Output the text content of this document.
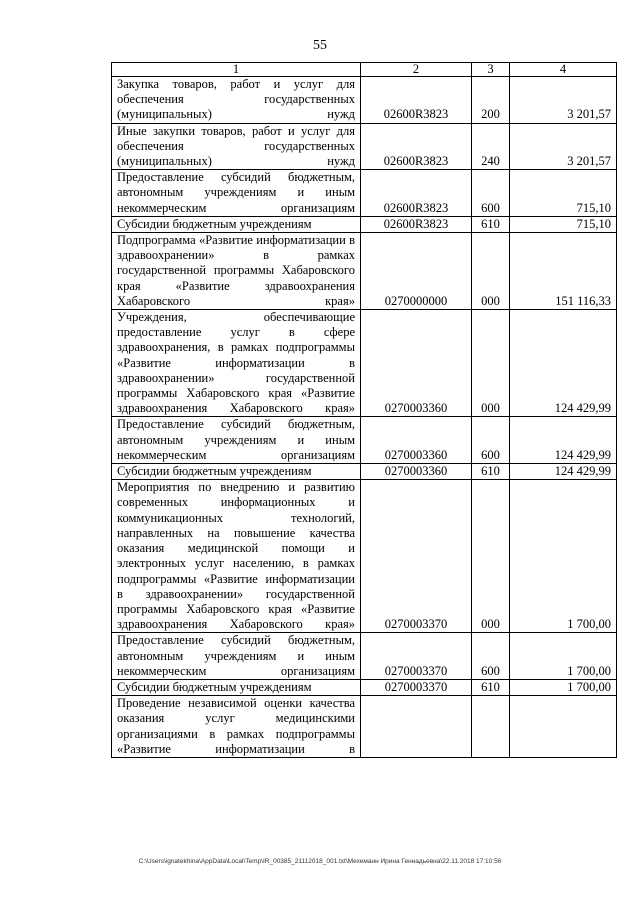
55
1	2	3	4
Закупка товаров, работ и услуг для обеспечения государственных (муниципальных) нужд	02600R3823	200	3 201,57
Иные закупки товаров, работ и услуг для обеспечения государственных (муниципальных) нужд	02600R3823	240	3 201,57
Предоставление субсидий бюджетным, автономным учреждениям и иным некоммерческим организациям	02600R3823	600	715,10
Субсидии бюджетным учреждениям	02600R3823	610	715,10
Подпрограмма «Развитие информатизации в здравоохранении» в рамках государственной программы Хабаровского края «Развитие здравоохранения Хабаровского края»	0270000000	000	151 116,33
Учреждения, обеспечивающие предоставление услуг в сфере здравоохранения, в рамках подпрограммы «Развитие информатизации в здравоохранении» государственной программы Хабаровского края «Развитие здравоохранения Хабаровского края»	0270003360	000	124 429,99
Предоставление субсидий бюджетным, автономным учреждениям и иным некоммерческим организациям	0270003360	600	124 429,99
Субсидии бюджетным учреждениям	0270003360	610	124 429,99
Мероприятия по внедрению и развитию современных информационных и коммуникационных технологий, направленных на повышение качества оказания медицинской помощи и электронных услуг населению, в рамках подпрограммы «Развитие информатизации в здравоохранении» государственной программы Хабаровского края «Развитие здравоохранения Хабаровского края»	0270003370	000	1 700,00
Предоставление субсидий бюджетным, автономным учреждениям и иным некоммерческим организациям	0270003370	600	1 700,00
Субсидии бюджетным учреждениям	0270003370	610	1 700,00
Проведение независимой оценки качества оказания услуг медицинскими организациями в рамках подпрограммы «Развитие информатизации в			
C:\Users\ignatekhina\AppData\Local\Temp\IR_00385_21112018_001.txt\Мехеманн Ирина Геннадьевна\22.11.2018 17:10:56
